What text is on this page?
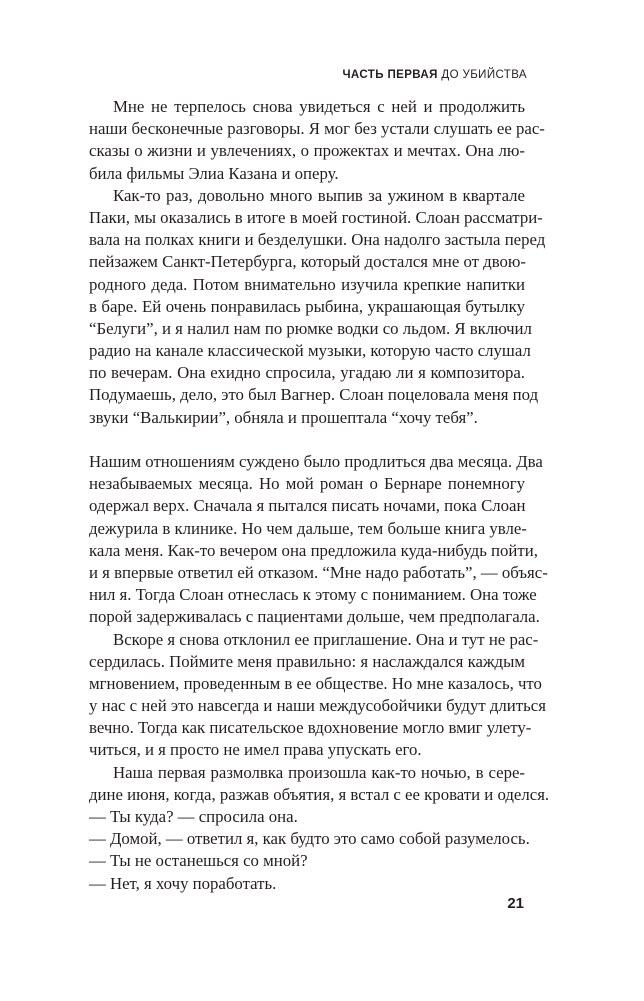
ЧАСТЬ ПЕРВАЯ ДО УБИЙСТВА
Мне не терпелось снова увидеться с ней и продолжить
наши бесконечные разговоры. Я мог без устали слушать ее рас-
сказы о жизни и увлечениях, о прожектах и мечтах. Она лю-
била фильмы Элиа Казана и оперу.
Как-то раз, довольно много выпив за ужином в квартале
Паки, мы оказались в итоге в моей гостиной. Слоан рассматри-
вала на полках книги и безделушки. Она надолго застыла перед
пейзажем Санкт-Петербурга, который достался мне от двою-
родного деда. Потом внимательно изучила крепкие напитки
в баре. Ей очень понравилась рыбина, украшающая бутылку
“Белуги”, и я налил нам по рюмке водки со льдом. Я включил
радио на канале классической музыки, которую часто слушал
по вечерам. Она ехидно спросила, угадаю ли я композитора.
Подумаешь, дело, это был Вагнер. Слоан поцеловала меня под
звуки “Валькирии”, обняла и прошептала “хочу тебя”.
Нашим отношениям суждено было продлиться два месяца. Два
незабываемых месяца. Но мой роман о Бернаре понемногу
одержал верх. Сначала я пытался писать ночами, пока Слоан
дежурила в клинике. Но чем дальше, тем больше книга увле-
кала меня. Как-то вечером она предложила куда-нибудь пойти,
и я впервые ответил ей отказом. “Мне надо работать”, — объяс-
нил я. Тогда Слоан отнеслась к этому с пониманием. Она тоже
порой задерживалась с пациентами дольше, чем предполагала.
Вскоре я снова отклонил ее приглашение. Она и тут не рас-
сердилась. Поймите меня правильно: я наслаждался каждым
мгновением, проведенным в ее обществе. Но мне казалось, что
у нас с ней это навсегда и наши междусобойчики будут длиться
вечно. Тогда как писательское вдохновение могло вмиг улету-
читься, и я просто не имел права упускать его.
Наша первая размолвка произошла как-то ночью, в сере-
дине июня, когда, разжав объятия, я встал с ее кровати и оделся.
— Ты куда? — спросила она.
— Домой, — ответил я, как будто это само собой разумелось.
— Ты не останешься со мной?
— Нет, я хочу поработать.
21
